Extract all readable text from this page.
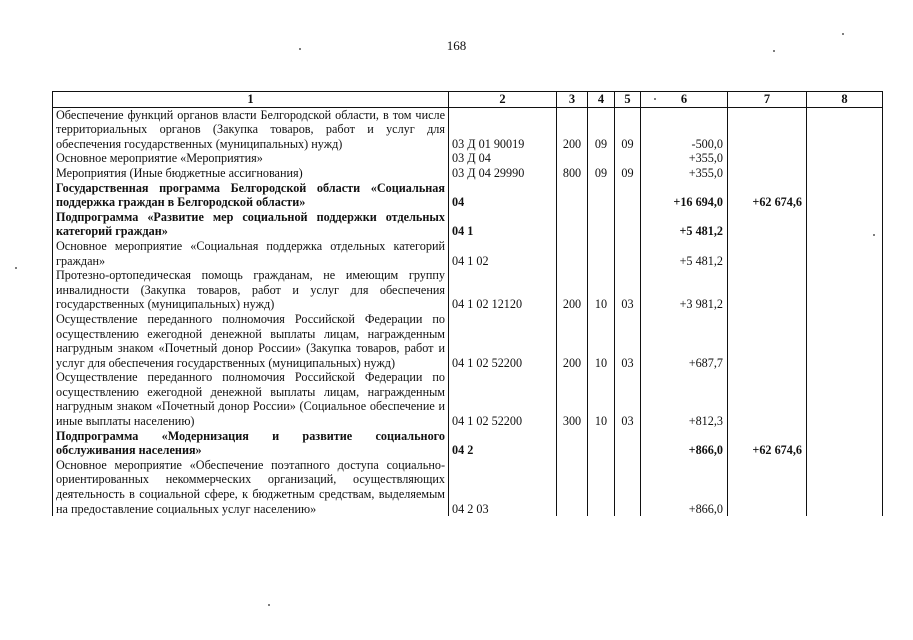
168
1	2	3	4	5	6	7	8
Обеспечение функций органов власти Белгородской области, в том числе территориальных органов (Закупка товаров, работ и услуг для обеспечения государственных (муниципальных) нужд)	03 Д 01 90019	200	09	09	-500,0		
Основное мероприятие «Мероприятия»	03 Д 04				+355,0		
Мероприятия (Иные бюджетные ассигнования)	03 Д 04 29990	800	09	09	+355,0		
Государственная программа Белгородской области «Социальная поддержка граждан в Белгородской области»	04				+16 694,0	+62 674,6	
Подпрограмма «Развитие мер социальной поддержки отдельных категорий граждан»	04 1				+5 481,2		
Основное мероприятие «Социальная поддержка отдельных категорий граждан»	04 1 02				+5 481,2		
Протезно-ортопедическая помощь гражданам, не имеющим группу инвалидности (Закупка товаров, работ и услуг для обеспечения государственных (муниципальных) нужд)	04 1 02 12120	200	10	03	+3 981,2		
Осуществление переданного полномочия Российской Федерации по осуществлению ежегодной денежной выплаты лицам, награжденным нагрудным знаком «Почетный донор России» (Закупка товаров, работ и услуг для обеспечения государственных (муниципальных) нужд)	04 1 02 52200	200	10	03	+687,7		
Осуществление переданного полномочия Российской Федерации по осуществлению ежегодной денежной выплаты лицам, награжденным нагрудным знаком «Почетный донор России» (Социальное обеспечение и иные выплаты населению)	04 1 02 52200	300	10	03	+812,3		
Подпрограмма «Модернизация и развитие социального обслуживания населения»	04 2				+866,0	+62 674,6	
Основное мероприятие «Обеспечение поэтапного доступа социально-ориентированных некоммерческих организаций, осуществляющих деятельность в социальной сфере, к бюджетным средствам, выделяемым на предоставление социальных услуг населению»	04 2 03				+866,0		
